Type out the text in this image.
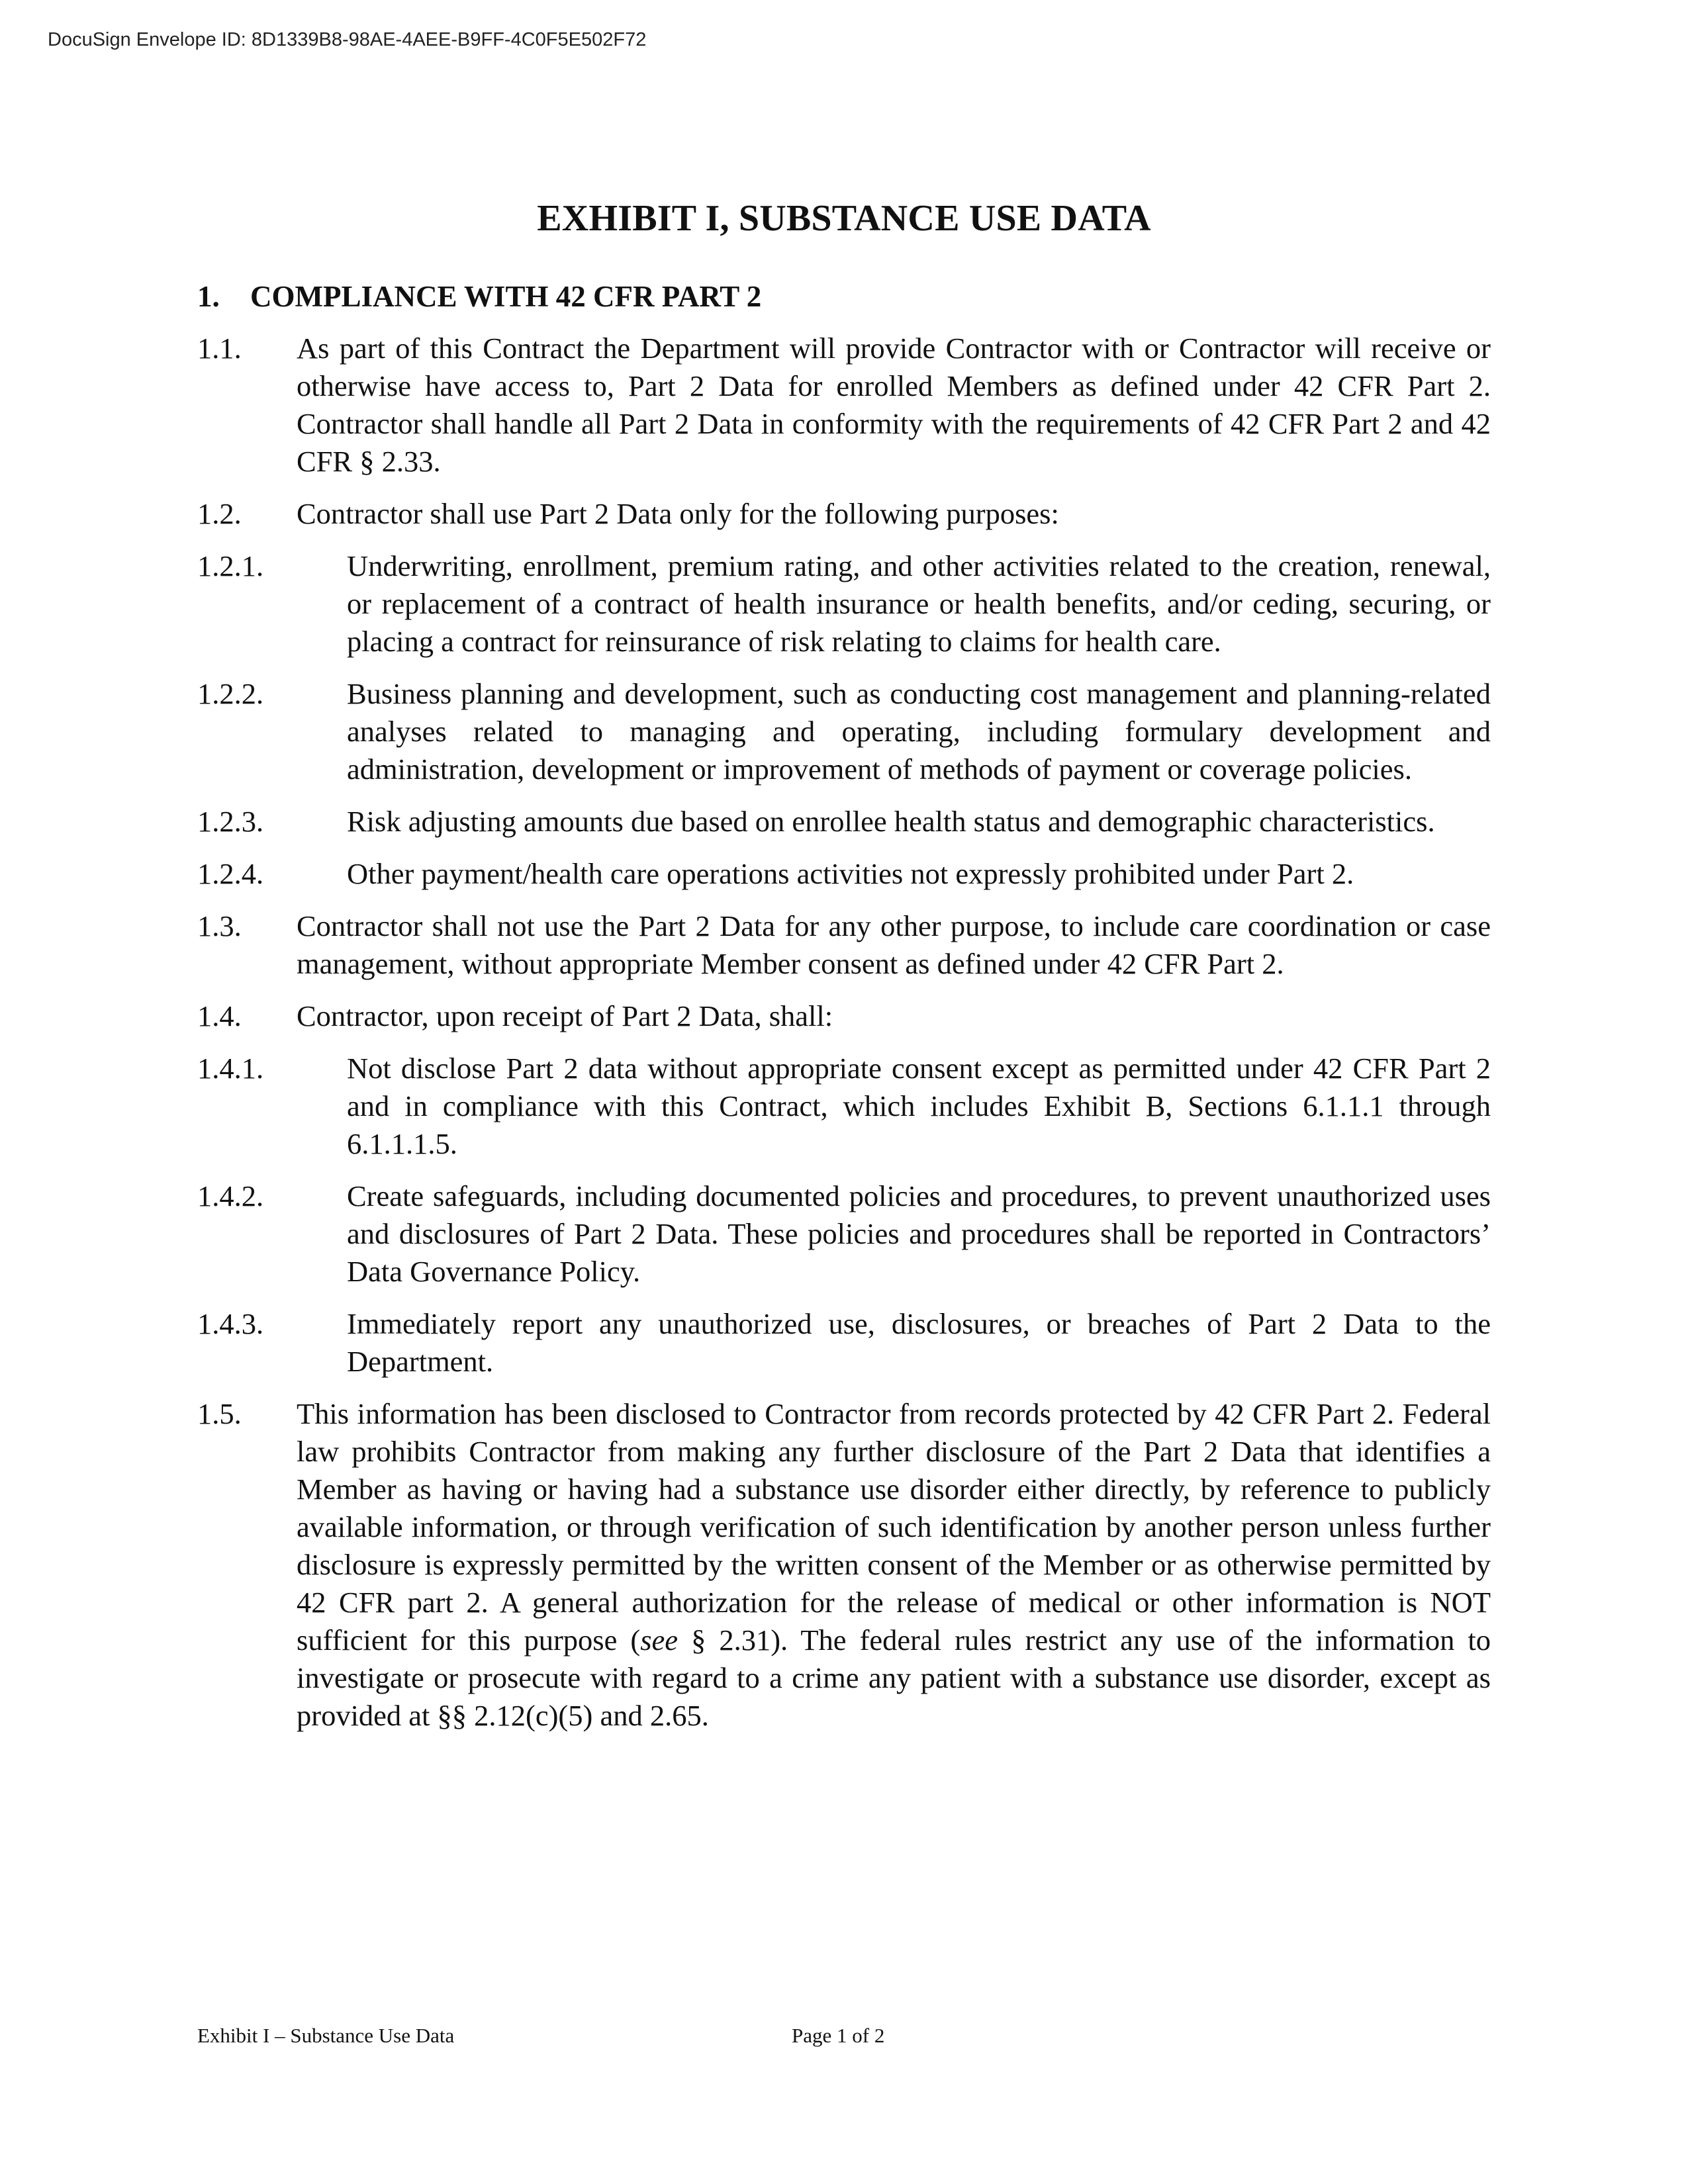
DocuSign Envelope ID: 8D1339B8-98AE-4AEE-B9FF-4C0F5E502F72

EXHIBIT I, SUBSTANCE USE DATA
1. COMPLIANCE WITH 42 CFR PART 2
1.1.	As part of this Contract the Department will provide Contractor with or Contractor will receive or otherwise have access to, Part 2 Data for enrolled Members as defined under 42 CFR Part 2. Contractor shall handle all Part 2 Data in conformity with the requirements of 42 CFR Part 2 and 42 CFR § 2.33.

1.2.	Contractor shall use Part 2 Data only for the following purposes:

1.2.1.	Underwriting, enrollment, premium rating, and other activities related to the creation, renewal, or replacement of a contract of health insurance or health benefits, and/or ceding, securing, or placing a contract for reinsurance of risk relating to claims for health care.

1.2.2.	Business planning and development, such as conducting cost management and planning-related analyses related to managing and operating, including formulary development and administration, development or improvement of methods of payment or coverage policies.

1.2.3.	Risk adjusting amounts due based on enrollee health status and demographic characteristics.

1.2.4.	Other payment/health care operations activities not expressly prohibited under Part 2.

1.3.	Contractor shall not use the Part 2 Data for any other purpose, to include care coordination or case management, without appropriate Member consent as defined under 42 CFR Part 2.

1.4.	Contractor, upon receipt of Part 2 Data, shall:

1.4.1.	Not disclose Part 2 data without appropriate consent except as permitted under 42 CFR Part 2 and in compliance with this Contract, which includes Exhibit B, Sections 6.1.1.1 through 6.1.1.1.5.

1.4.2.	Create safeguards, including documented policies and procedures, to prevent unauthorized uses and disclosures of Part 2 Data. These policies and procedures shall be reported in Contractors’ Data Governance Policy.

1.4.3.	Immediately report any unauthorized use, disclosures, or breaches of Part 2 Data to the Department.

1.5.	This information has been disclosed to Contractor from records protected by 42 CFR Part 2. Federal law prohibits Contractor from making any further disclosure of the Part 2 Data that identifies a Member as having or having had a substance use disorder either directly, by reference to publicly available information, or through verification of such identification by another person unless further disclosure is expressly permitted by the written consent of the Member or as otherwise permitted by 42 CFR part 2. A general authorization for the release of medical or other information is NOT sufficient for this purpose (see § 2.31). The federal rules restrict any use of the information to investigate or prosecute with regard to a crime any patient with a substance use disorder, except as provided at §§ 2.12(c)(5) and 2.65.

Exhibit I – Substance Use Data	Page 1 of 2
